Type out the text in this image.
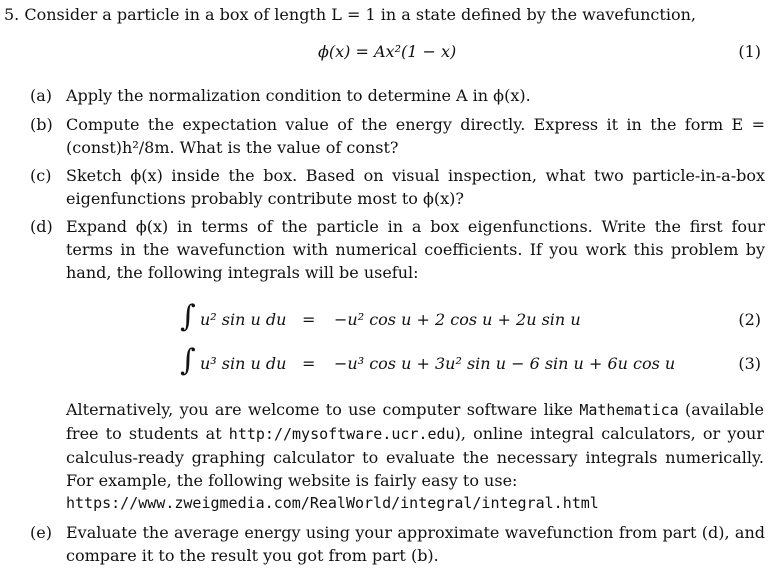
5. Consider a particle in a box of length L = 1 in a state defined by the wavefunction,
ϕ(x) = Ax²(1 − x)	(1)
(a) Apply the normalization condition to determine A in ϕ(x).
(b) Compute the expectation value of the energy directly. Express it in the form E = (const)h²/8m. What is the value of const?
(c) Sketch ϕ(x) inside the box. Based on visual inspection, what two particle-in-a-box eigenfunctions probably contribute most to ϕ(x)?
(d) Expand ϕ(x) in terms of the particle in a box eigenfunctions. Write the first four terms in the wavefunction with numerical coefficients. If you work this problem by hand, the following integrals will be useful:
∫ u² sin u du = −u² cos u + 2 cos u + 2u sin u	(2)
∫ u³ sin u du = −u³ cos u + 3u² sin u − 6 sin u + 6u cos u	(3)
Alternatively, you are welcome to use computer software like Mathematica (available free to students at http://mysoftware.ucr.edu), online integral calculators, or your calculus-ready graphing calculator to evaluate the necessary integrals numerically. For example, the following website is fairly easy to use:
https://www.zweigmedia.com/RealWorld/integral/integral.html
(e) Evaluate the average energy using your approximate wavefunction from part (d), and compare it to the result you got from part (b).
